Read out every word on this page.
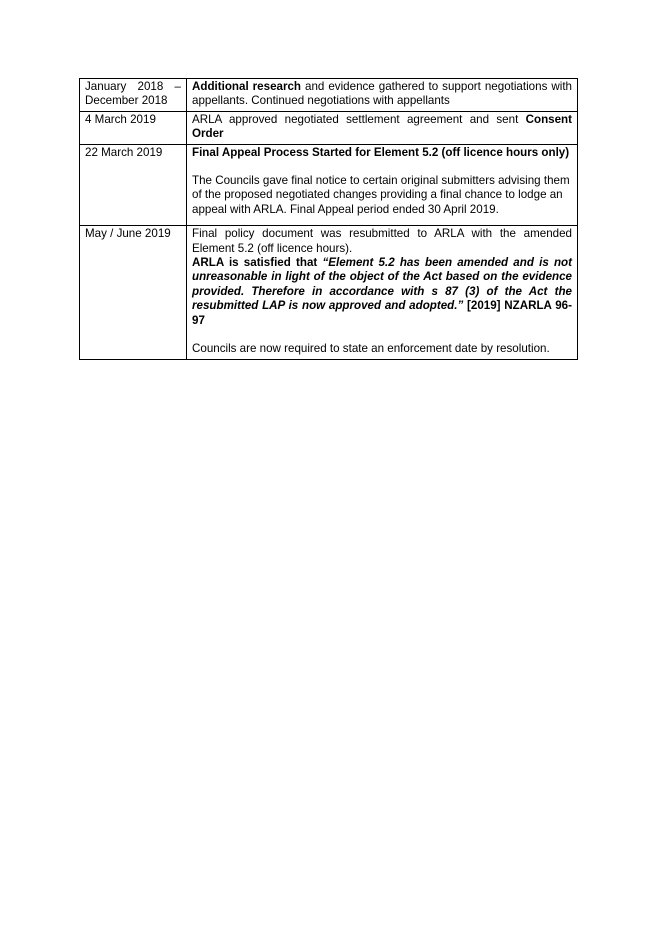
January 2018 –
December 2018	Additional research and evidence gathered to support negotiations with appellants. Continued negotiations with appellants
4 March 2019	ARLA approved negotiated settlement agreement and sent Consent Order
22 March 2019	Final Appeal Process Started for Element 5.2 (off licence hours only)

The Councils gave final notice to certain original submitters advising them of the proposed negotiated changes providing a final chance to lodge an appeal with ARLA. Final Appeal period ended 30 April 2019.

May / June 2019	Final policy document was resubmitted to ARLA with the amended Element 5.2 (off licence hours).

ARLA is satisfied that “Element 5.2 has been amended and is not unreasonable in light of the object of the Act based on the evidence provided. Therefore in accordance with s 87 (3) of the Act the resubmitted LAP is now approved and adopted.” [2019] NZARLA 96-97

Councils are now required to state an enforcement date by resolution.
